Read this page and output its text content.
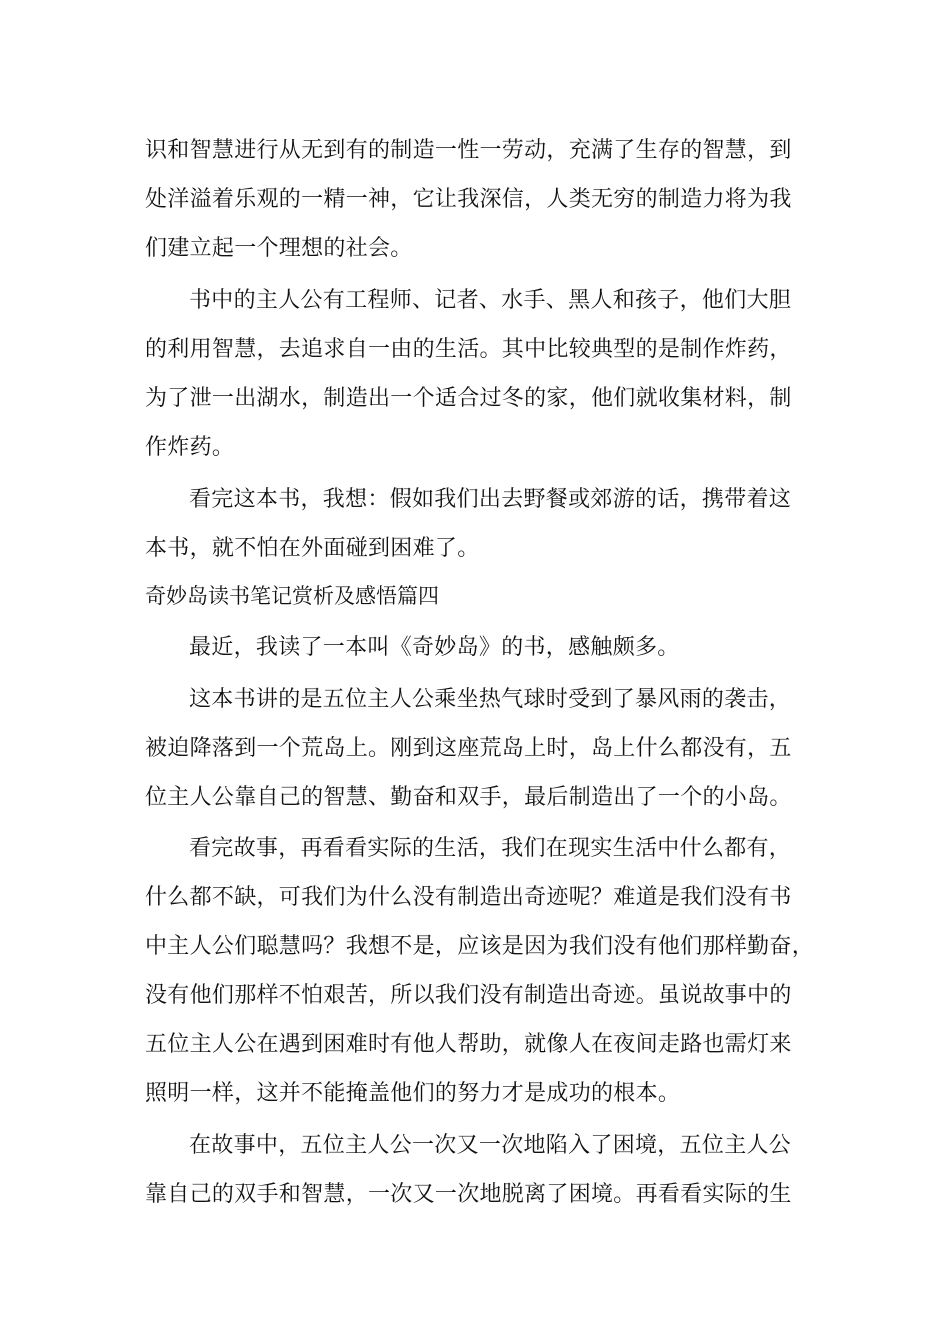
识和智慧进行从无到有的制造一性一劳动，充满了生存的智慧，到
处洋溢着乐观的一精一神，它让我深信，人类无穷的制造力将为我
们建立起一个理想的社会。
书中的主人公有工程师、记者、水手、黑人和孩子，他们大胆
的利用智慧，去追求自一由的生活。其中比较典型的是制作炸药，
为了泄一出湖水，制造出一个适合过冬的家，他们就收集材料，制
作炸药。
看完这本书，我想：假如我们出去野餐或郊游的话，携带着这
本书，就不怕在外面碰到困难了。
奇妙岛读书笔记赏析及感悟篇四
最近，我读了一本叫《奇妙岛》的书，感触颇多。
这本书讲的是五位主人公乘坐热气球时受到了暴风雨的袭击，
被迫降落到一个荒岛上。刚到这座荒岛上时，岛上什么都没有，五
位主人公靠自己的智慧、勤奋和双手，最后制造出了一个的小岛。
看完故事，再看看实际的生活，我们在现实生活中什么都有，
什么都不缺，可我们为什么没有制造出奇迹呢？难道是我们没有书
中主人公们聪慧吗？我想不是，应该是因为我们没有他们那样勤奋，
没有他们那样不怕艰苦，所以我们没有制造出奇迹。虽说故事中的
五位主人公在遇到困难时有他人帮助，就像人在夜间走路也需灯来
照明一样，这并不能掩盖他们的努力才是成功的根本。
在故事中，五位主人公一次又一次地陷入了困境，五位主人公
靠自己的双手和智慧，一次又一次地脱离了困境。再看看实际的生
